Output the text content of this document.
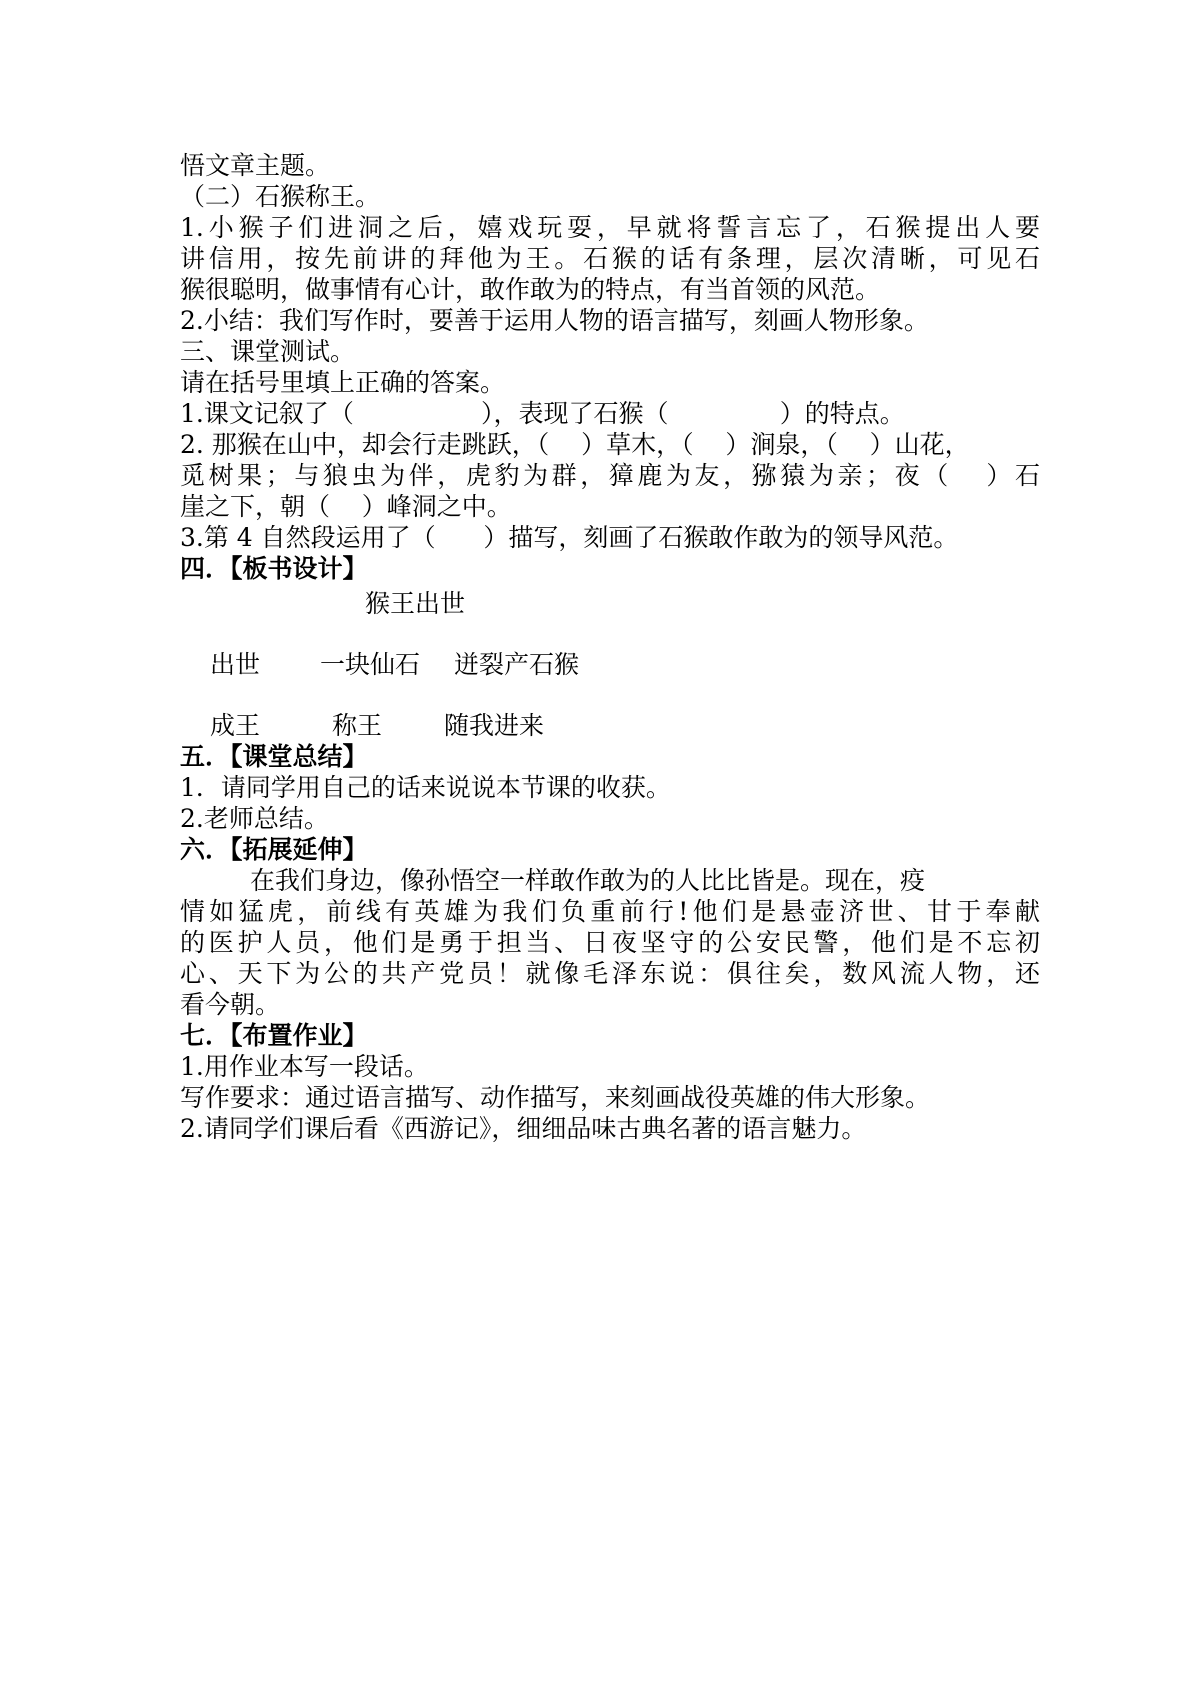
悟文章主题。

（二）石猴称王。

1.小猴子们进洞之后，嬉戏玩耍，早就将誓言忘了，石猴提出人要

讲信用，按先前讲的拜他为王。石猴的话有条理，层次清晰，可见石

猴很聪明，做事情有心计，敢作敢为的特点，有当首领的风范。

2.小结：我们写作时，要善于运用人物的语言描写，刻画人物形象。

三、课堂测试。

请在括号里填上正确的答案。

1.课文记叙了（                ），表现了石猴（              ）的特点。

2. 那猴在山中，却会行走跳跃，（    ）草木，（    ）涧泉，（    ）山花，

觅树果；与狼虫为伴，虎豹为群，獐鹿为友，猕猿为亲；夜（   ）石

崖之下，朝（    ）峰洞之中。

3.第 4 自然段运用了（      ）描写，刻画了石猴敢作敢为的领导风范。

四．【板书设计】

猴王出世

出世	一块仙石	迸裂产石猴
成王	称王	随我进来

五．【课堂总结】

1．请同学用自己的话来说说本节课的收获。

2.老师总结。

六．【拓展延伸】

在我们身边，像孙悟空一样敢作敢为的人比比皆是。现在，疫

情如猛虎，前线有英雄为我们负重前行!他们是悬壶济世、甘于奉献

的医护人员，他们是勇于担当、日夜坚守的公安民警，他们是不忘初

心、天下为公的共产党员！就像毛泽东说：俱往矣，数风流人物，还

看今朝。

七．【布置作业】

1.用作业本写一段话。

写作要求：通过语言描写、动作描写，来刻画战役英雄的伟大形象。

2.请同学们课后看《西游记》，细细品味古典名著的语言魅力。
